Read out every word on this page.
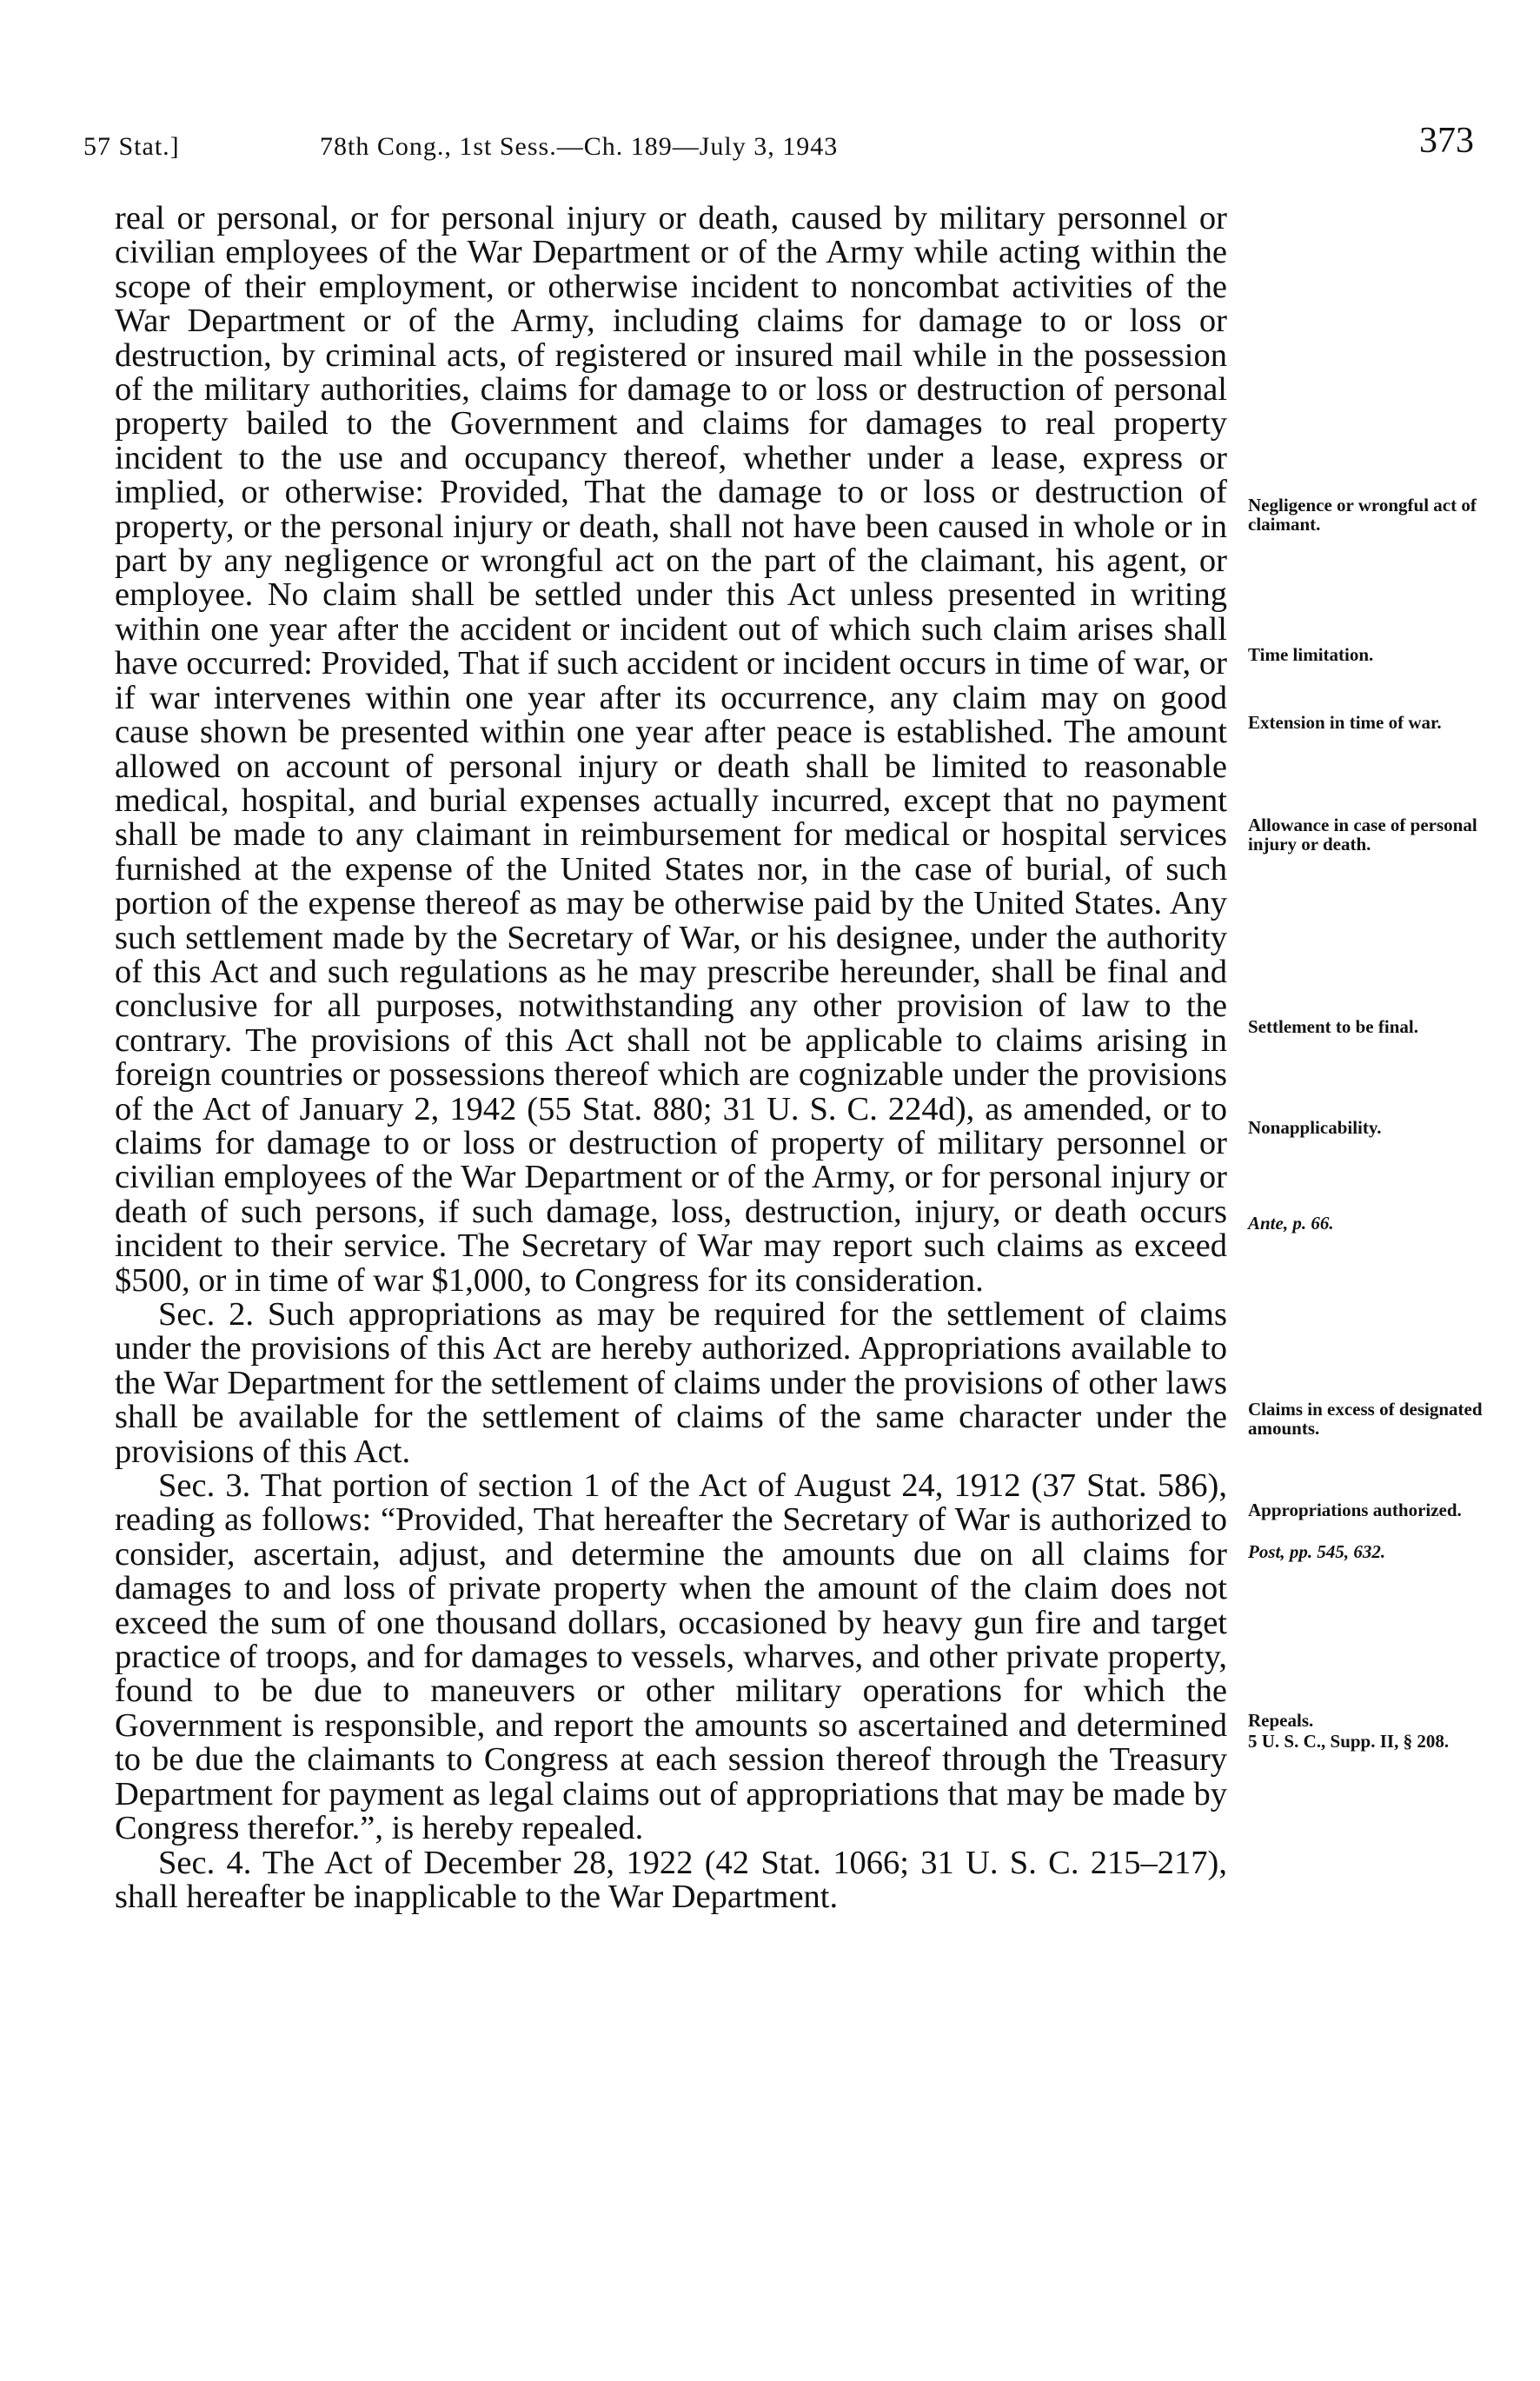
57 Stat.]	78th Cong., 1st Sess.—Ch. 189—July 3, 1943	373

real or personal, or for personal injury or death, caused by military personnel or civilian employees of the War Department or of the Army while acting within the scope of their employment, or otherwise incident to noncombat activities of the War Department or of the Army, including claims for damage to or loss or destruction, by criminal acts, of registered or insured mail while in the possession of the military authorities, claims for damage to or loss or destruction of personal property bailed to the Government and claims for damages to real property incident to the use and occupancy thereof, whether under a lease, express or implied, or otherwise: Provided, That the damage to or loss or destruction of property, or the personal injury or death, shall not have been caused in whole or in part by any negligence or wrongful act on the part of the claimant, his agent, or employee. No claim shall be settled under this Act unless presented in writing within one year after the accident or incident out of which such claim arises shall have occurred: Provided, That if such accident or incident occurs in time of war, or if war intervenes within one year after its occurrence, any claim may on good cause shown be presented within one year after peace is established. The amount allowed on account of personal injury or death shall be limited to reasonable medical, hospital, and burial expenses actually incurred, except that no payment shall be made to any claimant in reimbursement for medical or hospital services furnished at the expense of the United States nor, in the case of burial, of such portion of the expense thereof as may be otherwise paid by the United States. Any such settlement made by the Secretary of War, or his designee, under the authority of this Act and such regulations as he may prescribe hereunder, shall be final and conclusive for all purposes, notwithstanding any other provision of law to the contrary. The provisions of this Act shall not be applicable to claims arising in foreign countries or possessions thereof which are cognizable under the provisions of the Act of January 2, 1942 (55 Stat. 880; 31 U. S. C. 224d), as amended, or to claims for damage to or loss or destruction of property of military personnel or civilian employees of the War Department or of the Army, or for personal injury or death of such persons, if such damage, loss, destruction, injury, or death occurs incident to their service. The Secretary of War may report such claims as exceed $500, or in time of war $1,000, to Congress for its consideration.

Sec. 2. Such appropriations as may be required for the settlement of claims under the provisions of this Act are hereby authorized. Appropriations available to the War Department for the settlement of claims under the provisions of other laws shall be available for the settlement of claims of the same character under the provisions of this Act.

Sec. 3. That portion of section 1 of the Act of August 24, 1912 (37 Stat. 586), reading as follows: “Provided, That hereafter the Secretary of War is authorized to consider, ascertain, adjust, and determine the amounts due on all claims for damages to and loss of private property when the amount of the claim does not exceed the sum of one thousand dollars, occasioned by heavy gun fire and target practice of troops, and for damages to vessels, wharves, and other private property, found to be due to maneuvers or other military operations for which the Government is responsible, and report the amounts so ascertained and determined to be due the claimants to Congress at each session thereof through the Treasury Department for payment as legal claims out of appropriations that may be made by Congress therefor.”, is hereby repealed.

Sec. 4. The Act of December 28, 1922 (42 Stat. 1066; 31 U. S. C. 215–217), shall hereafter be inapplicable to the War Department.

Negligence or wrongful act of claimant.
Time limitation.
Extension in time of war.
Allowance in case of personal injury or death.
Settlement to be final.
Nonapplicability.
Ante, p. 66.
Claims in excess of designated amounts.
Appropriations authorized.
Post, pp. 545, 632.
Repeals.
5 U. S. C., Supp. II, § 208.
